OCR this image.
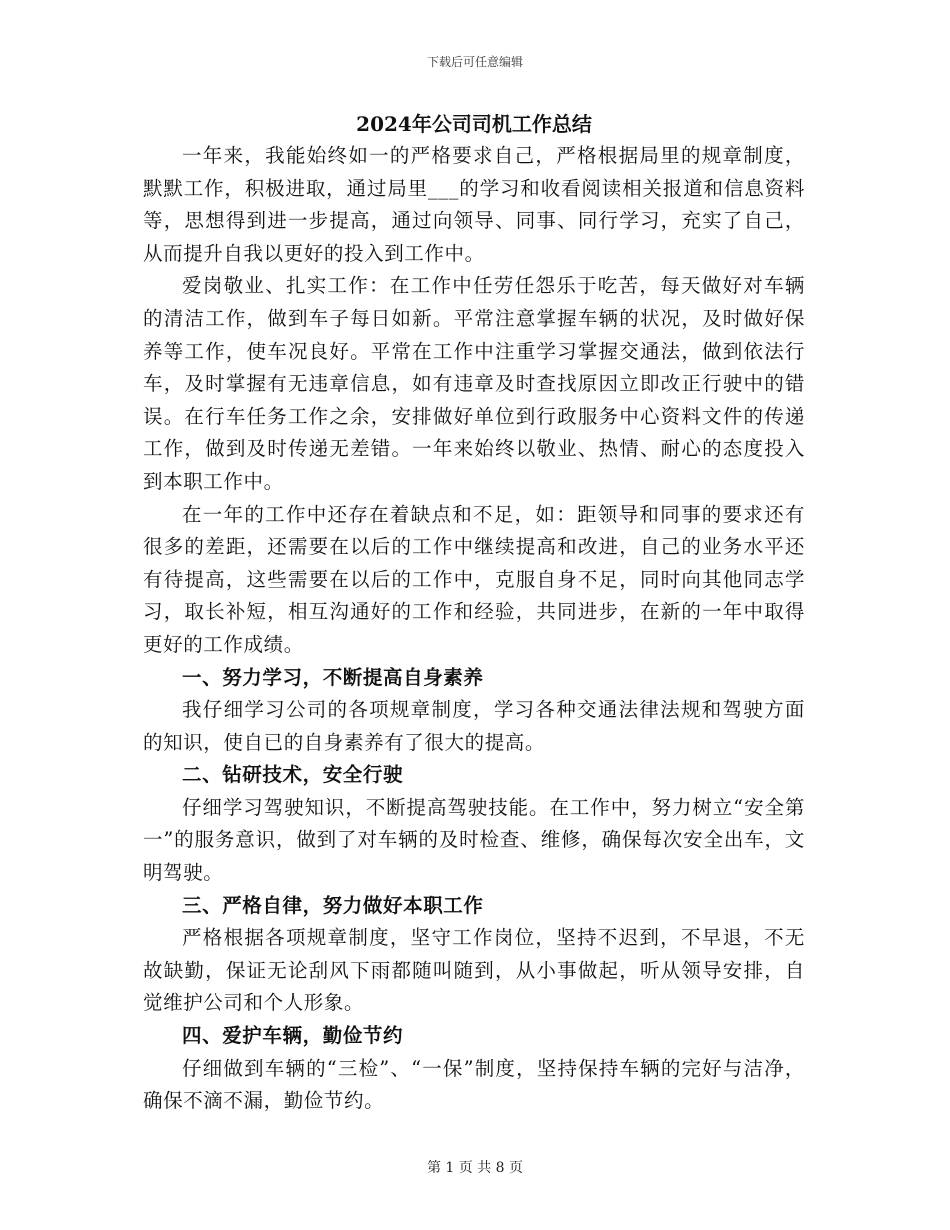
下载后可任意编辑
2024年公司司机工作总结

一年来，我能始终如一的严格要求自己，严格根据局里的规章制度，默默工作，积极进取，通过局里___的学习和收看阅读相关报道和信息资料等，思想得到进一步提高，通过向领导、同事、同行学习，充实了自己，从而提升自我以更好的投入到工作中。

爱岗敬业、扎实工作：在工作中任劳任怨乐于吃苦，每天做好对车辆的清洁工作，做到车子每日如新。平常注意掌握车辆的状况，及时做好保养等工作，使车况良好。平常在工作中注重学习掌握交通法，做到依法行车，及时掌握有无违章信息，如有违章及时查找原因立即改正行驶中的错误。在行车任务工作之余，安排做好单位到行政服务中心资料文件的传递工作，做到及时传递无差错。一年来始终以敬业、热情、耐心的态度投入到本职工作中。

在一年的工作中还存在着缺点和不足，如：距领导和同事的要求还有很多的差距，还需要在以后的工作中继续提高和改进，自己的业务水平还有待提高，这些需要在以后的工作中，克服自身不足，同时向其他同志学习，取长补短，相互沟通好的工作和经验，共同进步，在新的一年中取得更好的工作成绩。

一、努力学习，不断提高自身素养

我仔细学习公司的各项规章制度，学习各种交通法律法规和驾驶方面的知识，使自已的自身素养有了很大的提高。

二、钻研技术，安全行驶

仔细学习驾驶知识，不断提高驾驶技能。在工作中，努力树立“安全第一”的服务意识，做到了对车辆的及时检查、维修，确保每次安全出车，文明驾驶。

三、严格自律，努力做好本职工作

严格根据各项规章制度，坚守工作岗位，坚持不迟到，不早退，不无故缺勤，保证无论刮风下雨都随叫随到，从小事做起，听从领导安排，自觉维护公司和个人形象。

四、爱护车辆，勤俭节约

仔细做到车辆的“三检”、“一保”制度，坚持保持车辆的完好与洁净，确保不滴不漏，勤俭节约。

第 1 页 共 8 页
